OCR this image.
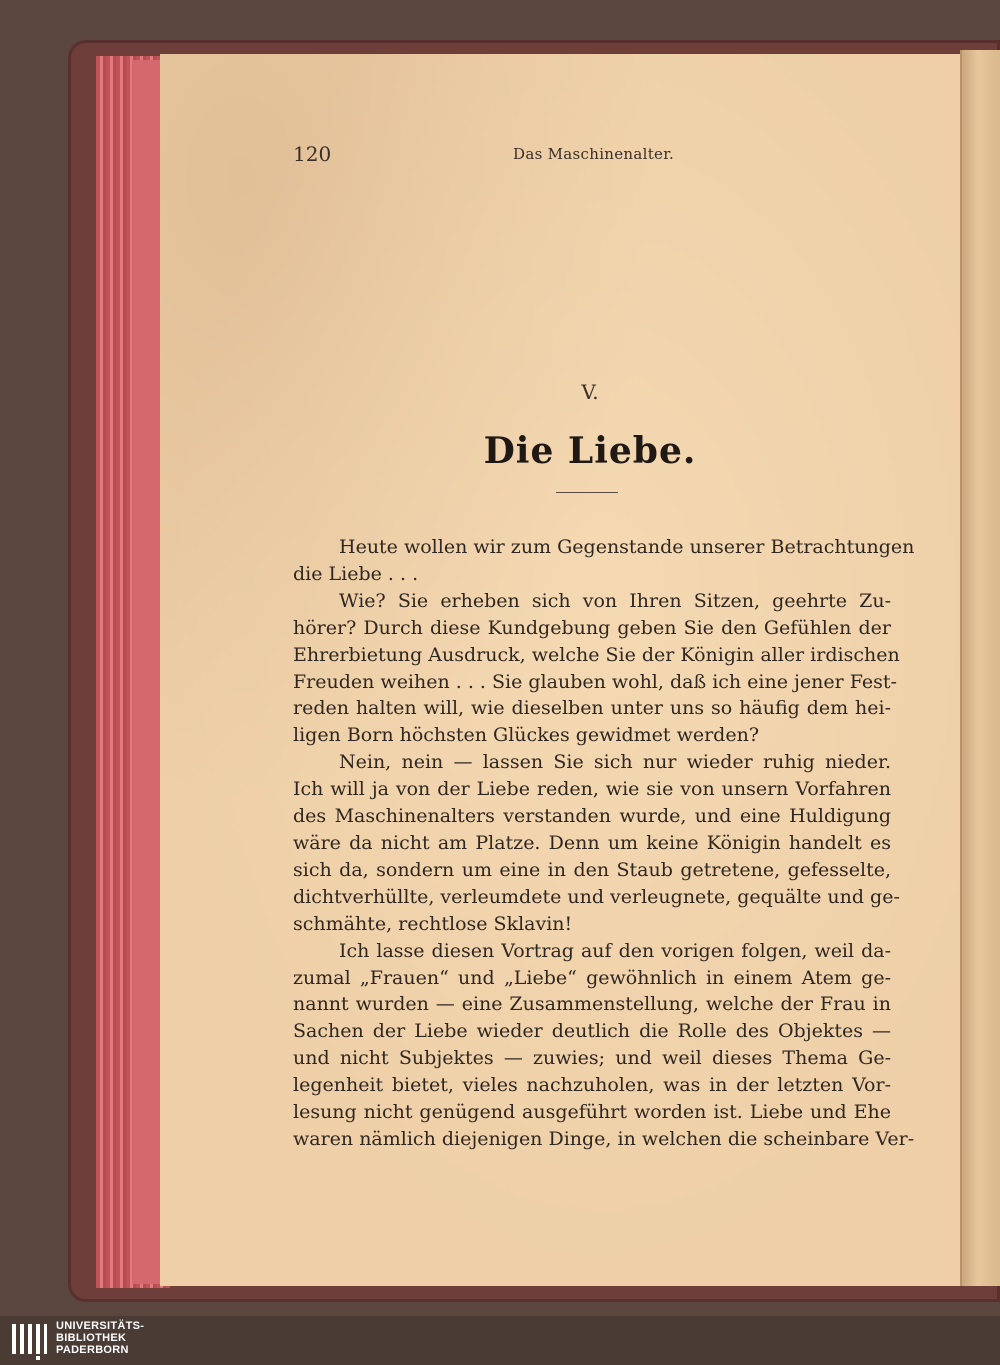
120	Das Maschinenalter.
V.
Die Liebe.
Heute wollen wir zum Gegenstande unserer Betrachtungen
die Liebe . . .
Wie? Sie erheben sich von Ihren Sitzen, geehrte Zu-
hörer? Durch diese Kundgebung geben Sie den Gefühlen der
Ehrerbietung Ausdruck, welche Sie der Königin aller irdischen
Freuden weihen . . . Sie glauben wohl, daß ich eine jener Fest-
reden halten will, wie dieselben unter uns so häufig dem hei-
ligen Born höchsten Glückes gewidmet werden?
Nein, nein — lassen Sie sich nur wieder ruhig nieder.
Ich will ja von der Liebe reden, wie sie von unsern Vorfahren
des Maschinenalters verstanden wurde, und eine Huldigung
wäre da nicht am Platze. Denn um keine Königin handelt es
sich da, sondern um eine in den Staub getretene, gefesselte,
dichtverhüllte, verleumdete und verleugnete, gequälte und ge-
schmähte, rechtlose Sklavin!
Ich lasse diesen Vortrag auf den vorigen folgen, weil da-
zumal „Frauen“ und „Liebe“ gewöhnlich in einem Atem ge-
nannt wurden — eine Zusammenstellung, welche der Frau in
Sachen der Liebe wieder deutlich die Rolle des Objektes —
und nicht Subjektes — zuwies; und weil dieses Thema Ge-
legenheit bietet, vieles nachzuholen, was in der letzten Vor-
lesung nicht genügend ausgeführt worden ist. Liebe und Ehe
waren nämlich diejenigen Dinge, in welchen die scheinbare Ver-
UNIVERSITÄTS-
BIBLIOTHEK
PADERBORN
